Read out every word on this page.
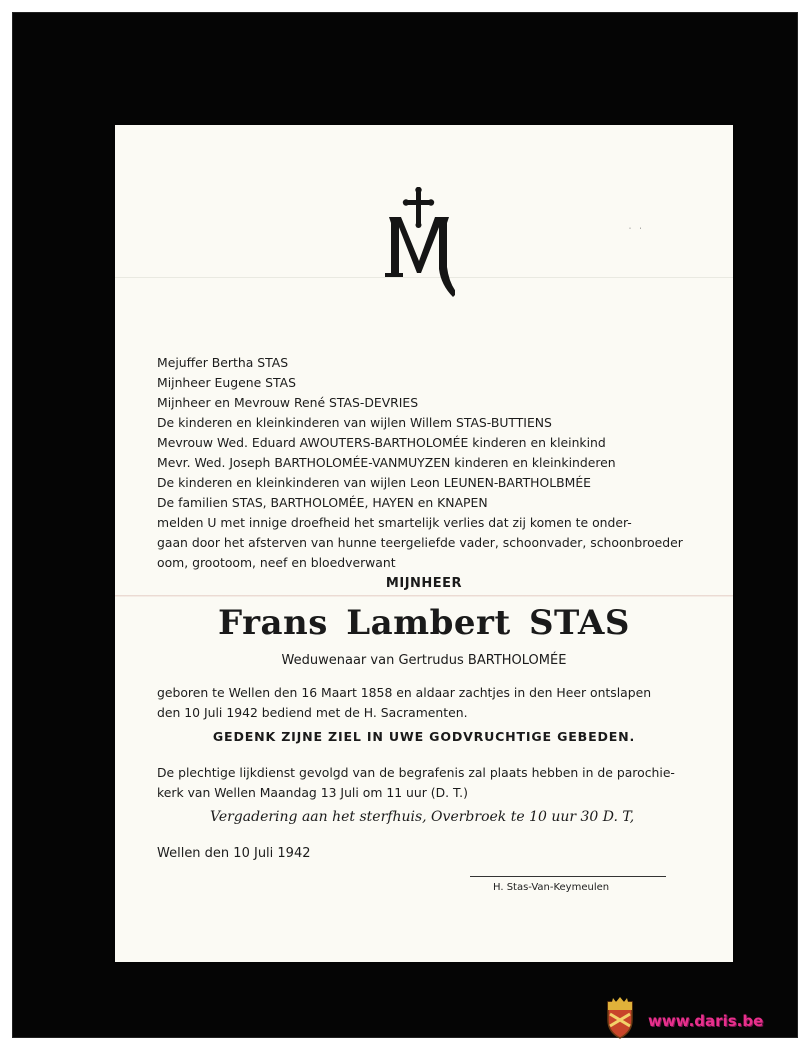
˙ ˙
Mejuffer Bertha STAS
Mijnheer Eugene STAS
Mijnheer en Mevrouw René STAS-DEVRIES
De kinderen en kleinkinderen van wijlen Willem STAS-BUTTIENS
Mevrouw Wed. Eduard AWOUTERS-BARTHOLOMÉE kinderen en kleinkind
Mevr. Wed. Joseph BARTHOLOMÉE-VANMUYZEN kinderen en kleinkinderen
De kinderen en kleinkinderen van wijlen Leon LEUNEN-BARTHOLBMÉE
De familien STAS, BARTHOLOMÉE, HAYEN en KNAPEN
melden U met innige droefheid het smartelijk verlies dat zij komen te onder-
gaan door het afsterven van hunne teergeliefde vader, schoonvader, schoonbroeder
oom, grootoom, neef en bloedverwant
MIJNHEER
Frans Lambert STAS
Weduwenaar van Gertrudus BARTHOLOMÉE
geboren te Wellen den 16 Maart 1858 en aldaar zachtjes in den Heer ontslapen
den 10 Juli 1942 bediend met de H. Sacramenten.
GEDENK ZIJNE ZIEL IN UWE GODVRUCHTIGE GEBEDEN.
De plechtige lijkdienst gevolgd van de begrafenis zal plaats hebben in de parochie-
kerk van Wellen Maandag 13 Juli om 11 uur (D. T.)
Vergadering aan het sterfhuis, Overbroek te 10 uur 30 D. T,
Wellen den 10 Juli 1942
H. Stas-Van-Keymeulen
www.daris.be
